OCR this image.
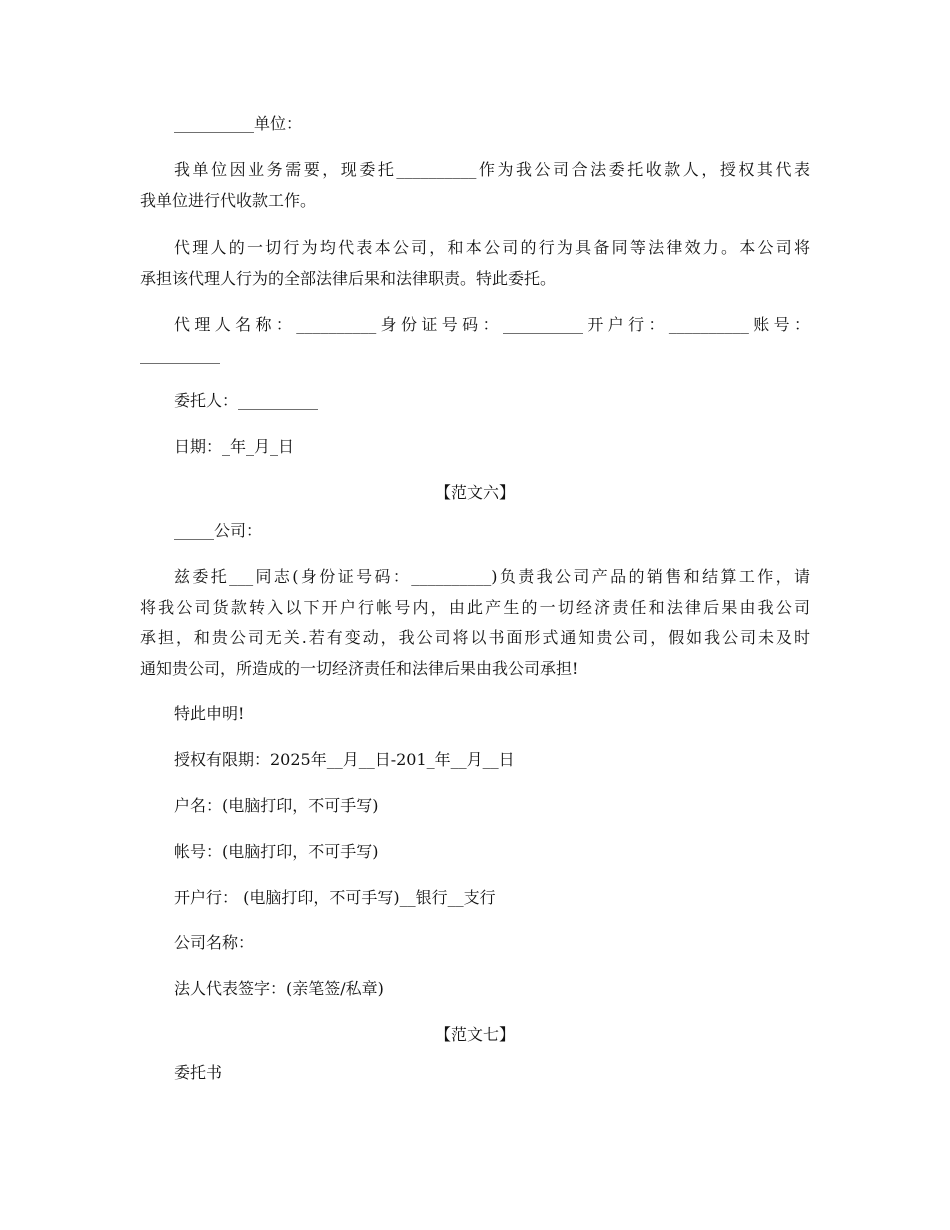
__________单位：

我单位因业务需要，现委托__________作为我公司合法委托收款人，授权其代表

我单位进行代收款工作。

代理人的一切行为均代表本公司，和本公司的行为具备同等法律效力。本公司将

承担该代理人行为的全部法律后果和法律职责。特此委托。

代理人名称：__________身份证号码：__________开户行：__________账号：

__________

委托人：__________

日期：_年_月_日

【范文六】

_____公司：

兹委托___同志(身份证号码：__________)负责我公司产品的销售和结算工作，请

将我公司货款转入以下开户行帐号内，由此产生的一切经济责任和法律后果由我公司

承担，和贵公司无关.若有变动，我公司将以书面形式通知贵公司，假如我公司未及时

通知贵公司，所造成的一切经济责任和法律后果由我公司承担!

特此申明!

授权有限期：2025年__月__日-201_年__月__日

户名：(电脑打印，不可手写)

帐号：(电脑打印，不可手写)

开户行： (电脑打印，不可手写)__银行__支行

公司名称：

法人代表签字：(亲笔签/私章)

【范文七】

委托书
